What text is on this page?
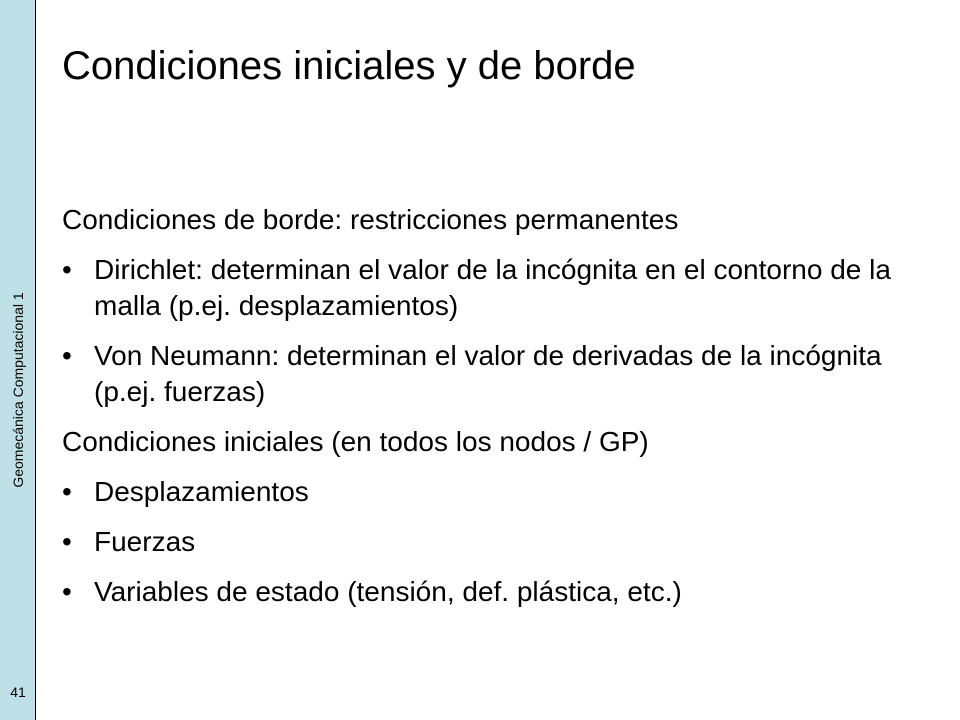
Geomecánica Computacional 1
41
Condiciones iniciales y de borde

Condiciones de borde: restricciones permanentes

• Dirichlet: determinan el valor de la incógnita en el contorno de la malla (p.ej. desplazamientos)
• Von Neumann: determinan el valor de derivadas de la incógnita (p.ej. fuerzas)

Condiciones iniciales (en todos los nodos / GP)

• Desplazamientos
• Fuerzas
• Variables de estado (tensión, def. plástica, etc.)
